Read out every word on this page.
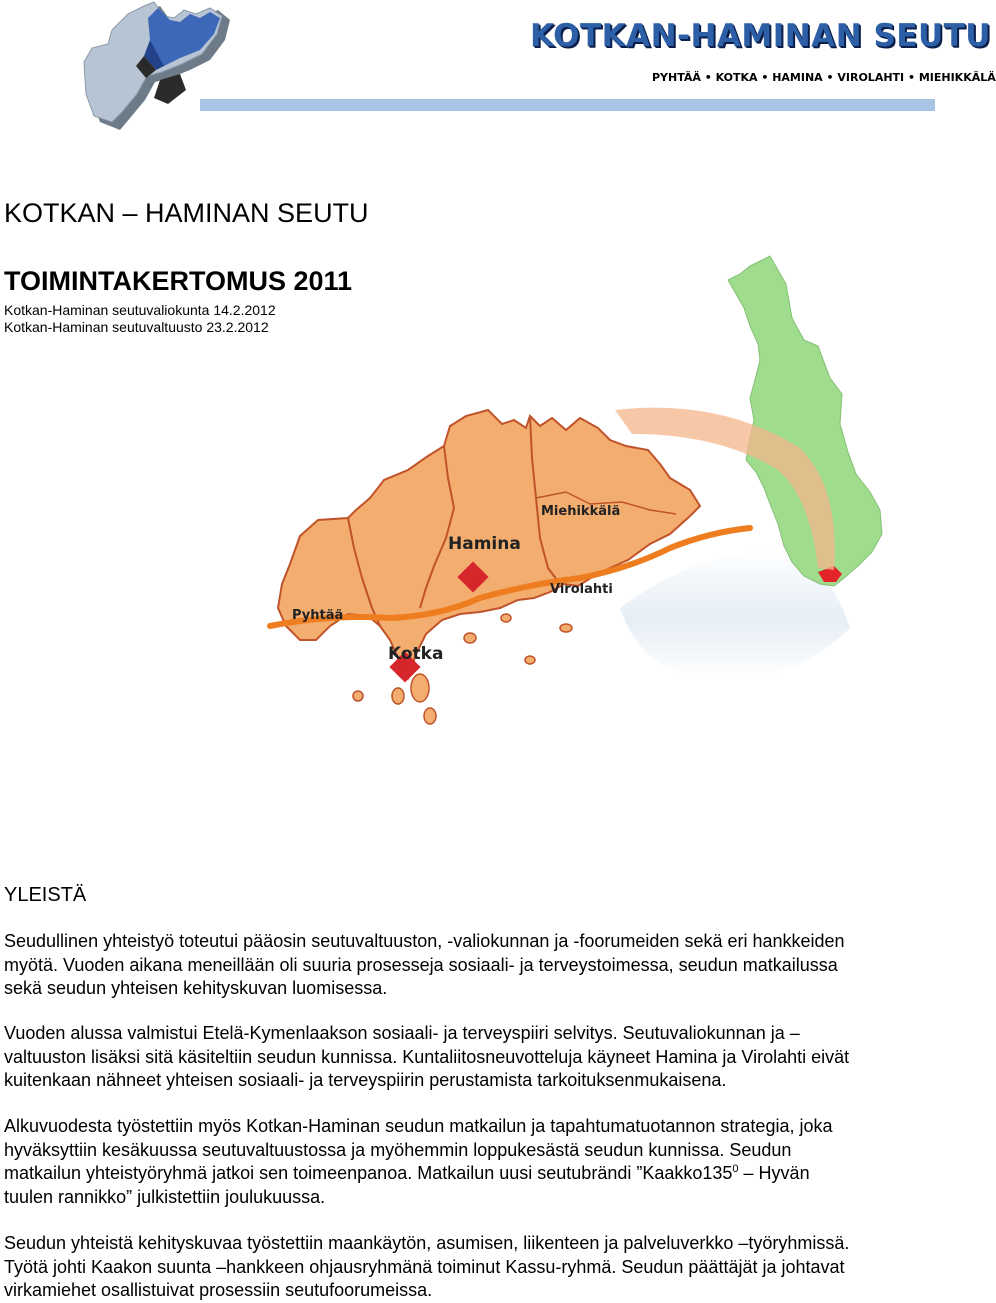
KOTKAN-HAMINAN SEUTU
PYHTÄÄ • KOTKA • HAMINA • VIROLAHTI • MIEHIKKÄLÄ
KOTKAN – HAMINAN SEUTU
TOIMINTAKERTOMUS 2011
Kotkan-Haminan seutuvaliokunta 14.2.2012
Kotkan-Haminan seutuvaltuusto 23.2.2012
Miehikkälä
Hamina
Virolahti
Pyhtää
Kotka
YLEISTÄ
Seudullinen yhteistyö toteutui pääosin seutuvaltuuston, -valiokunnan ja -foorumeiden sekä eri hankkeiden
myötä. Vuoden aikana meneillään oli suuria prosesseja sosiaali- ja terveystoimessa, seudun matkailussa
sekä seudun yhteisen kehityskuvan luomisessa.
Vuoden alussa valmistui Etelä-Kymenlaakson sosiaali- ja terveyspiiri selvitys. Seutuvaliokunnan ja –
valtuuston lisäksi sitä käsiteltiin seudun kunnissa. Kuntaliitosneuvotteluja käyneet Hamina ja Virolahti eivät
kuitenkaan nähneet yhteisen sosiaali- ja terveyspiirin perustamista tarkoituksenmukaisena.
Alkuvuodesta työstettiin myös Kotkan-Haminan seudun matkailun ja tapahtumatuotannon strategia, joka
hyväksyttiin kesäkuussa seutuvaltuustossa ja myöhemmin loppukesästä seudun kunnissa. Seudun
matkailun yhteistyöryhmä jatkoi sen toimeenpanoa. Matkailun uusi seutubrändi $”Kaakko135^0$ – Hyvän
tuulen rannikko” julkistettiin joulukuussa.
Seudun yhteistä kehityskuvaa työstettiin maankäytön, asumisen, liikenteen ja palveluverkko –työryhmissä.
Työtä johti Kaakon suunta –hankkeen ohjausryhmänä toiminut Kassu-ryhmä. Seudun päättäjät ja johtavat
virkamiehet osallistuivat prosessiin seutufoorumeissa.
